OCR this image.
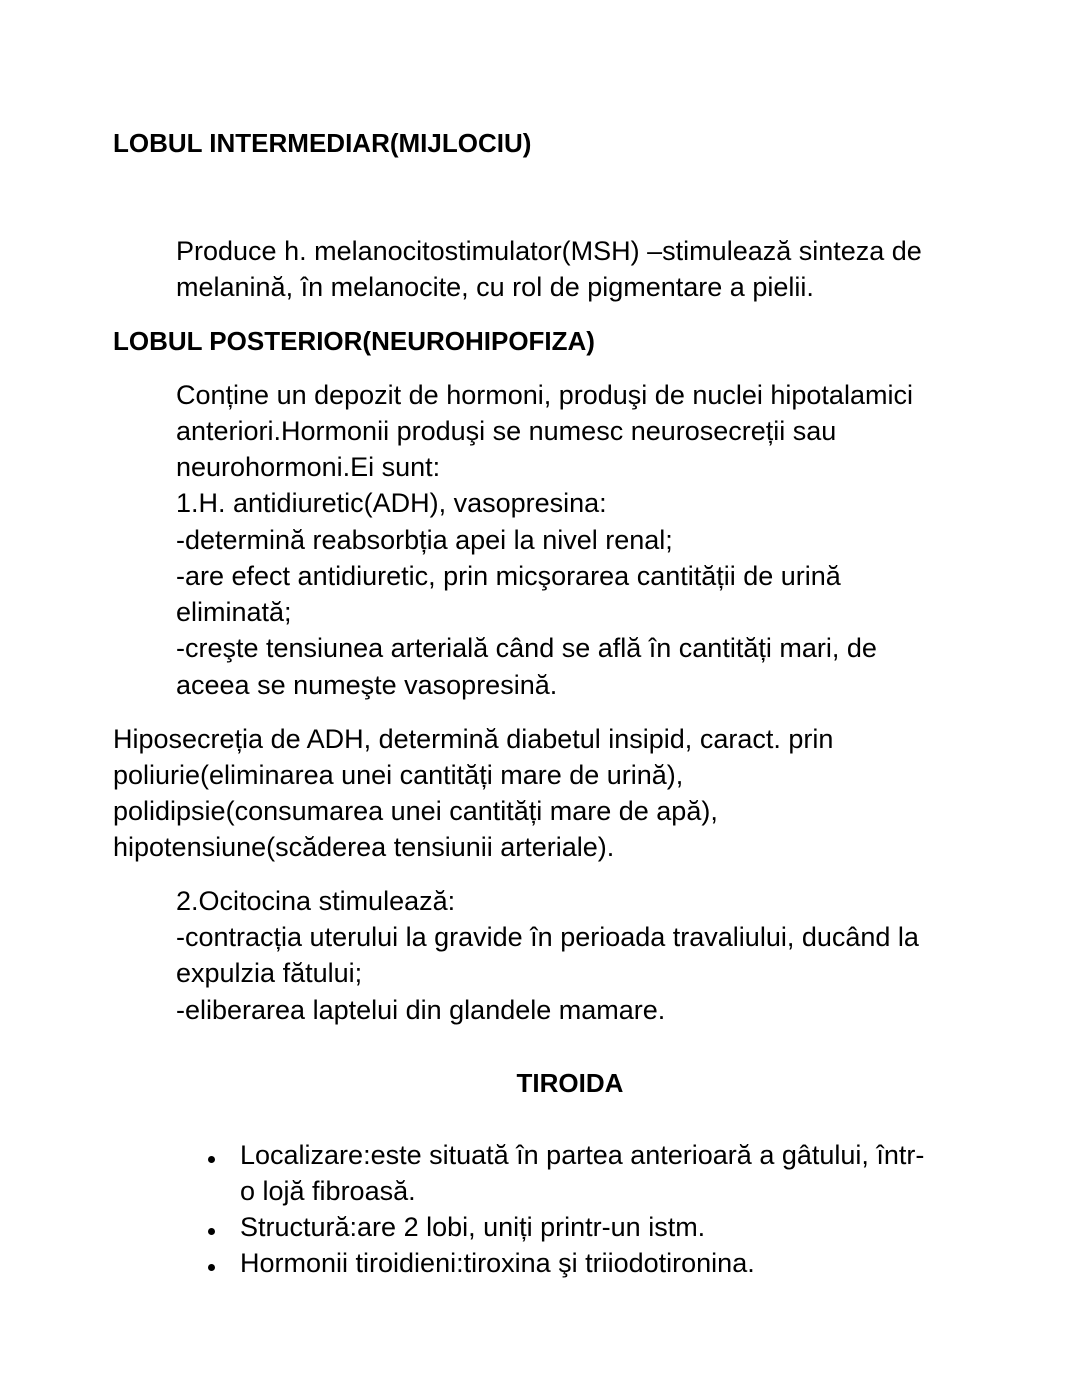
LOBUL INTERMEDIAR(MIJLOCIU)
Produce h. melanocitostimulator(MSH) –stimulează sinteza de
melanină, în melanocite, cu rol de pigmentare a pielii.
LOBUL POSTERIOR(NEUROHIPOFIZA)
Conține un depozit de hormoni, produşi de nuclei hipotalamici
anteriori.Hormonii produşi se numesc neurosecreții sau
neurohormoni.Ei sunt:
1.H. antidiuretic(ADH), vasopresina:
-determină reabsorbția apei la nivel renal;
-are efect antidiuretic, prin micşorarea cantității de urină
eliminată;
-creşte tensiunea arterială când se află în cantități mari, de
aceea se numeşte vasopresină.
Hiposecreția de ADH, determină diabetul insipid, caract. prin
poliurie(eliminarea unei cantități mare de urină),
polidipsie(consumarea unei cantități mare de apă),
hipotensiune(scăderea tensiunii arteriale).
2.Ocitocina stimulează:
-contracția uterului la gravide în perioada travaliului, ducând la
expulzia fătului;
-eliberarea laptelui din glandele mamare.
TIROIDA
Localizare:este situată în partea anterioară a gâtului, într-
o lojă fibroasă.
Structură:are 2 lobi, uniți printr-un istm.
Hormonii tiroidieni:tiroxina şi triiodotironina.
